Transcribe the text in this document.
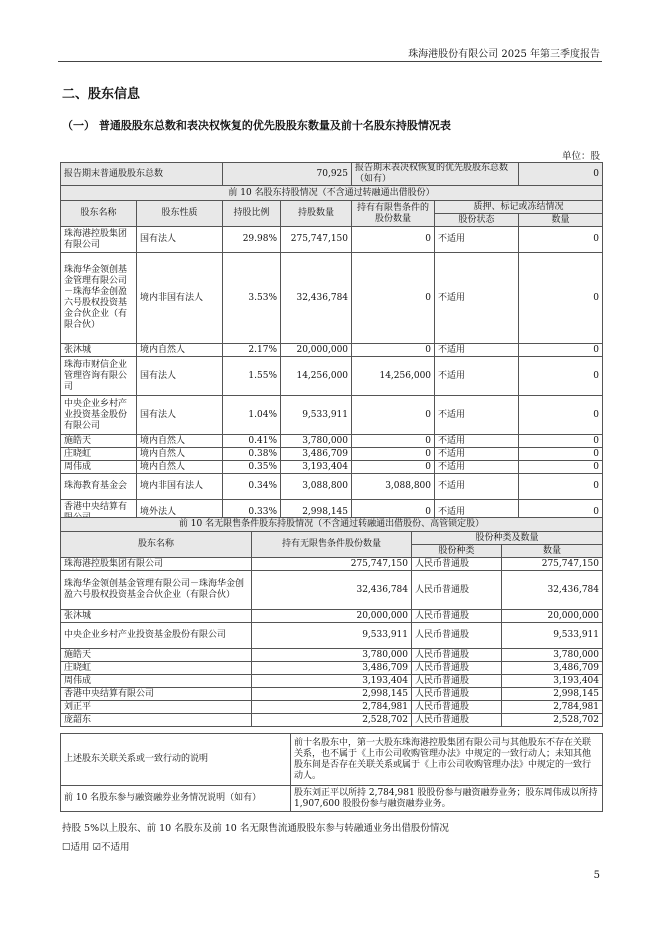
珠海港股份有限公司 2025 年第三季度报告
二、股东信息
（一） 普通股股东总数和表决权恢复的优先股股东数量及前十名股东持股情况表
单位：股
报告期末普通股股东总数		70,925		报告期末表决权恢复的优先股股东总数（如有）		0
前 10 名股东持股情况（不含通过转融通出借股份）						
股东名称	股东性质	持股比例	持股数量	持有有限售条件的股份数量	质押、标记或冻结情况	
					股份状态	数量
珠海港控股集团有限公司	国有法人	29.98%	275,747,150	0	不适用	0
珠海华金领创基金管理有限公司－珠海华金创盈六号股权投资基金合伙企业（有限合伙）	境内非国有法人	3.53%	32,436,784	0	不适用	0
张沐城	境内自然人	2.17%	20,000,000	0	不适用	0
珠海市财信企业管理咨询有限公司	国有法人	1.55%	14,256,000	14,256,000	不适用	0
中央企业乡村产业投资基金股份有限公司	国有法人	1.04%	9,533,911	0	不适用	0
施皓天	境内自然人	0.41%	3,780,000	0	不适用	0
庄晓虹	境内自然人	0.38%	3,486,709	0	不适用	0
周伟成	境内自然人	0.35%	3,193,404	0	不适用	0
珠海教育基金会	境内非国有法人	0.34%	3,088,800	3,088,800	不适用	0
香港中央结算有	境外法人	0.33%	2,998,145	0	不适用	0
前 10 名无限售条件股东持股情况（不含通过转融通出借股份、高管锁定股）			
股东名称	持有无限售条件股份数量	股份种类及数量	
		股份种类	数量
珠海港控股集团有限公司	275,747,150	人民币普通股	275,747,150
珠海华金领创基金管理有限公司－珠海华金创盈六号股权投资基金合伙企业（有限合伙）	32,436,784	人民币普通股	32,436,784
张沐城	20,000,000	人民币普通股	20,000,000
中央企业乡村产业投资基金股份有限公司	9,533,911	人民币普通股	9,533,911
施皓天	3,780,000	人民币普通股	3,780,000
庄晓虹	3,486,709	人民币普通股	3,486,709
周伟成	3,193,404	人民币普通股	3,193,404
香港中央结算有限公司	2,998,145	人民币普通股	2,998,145
刘正平	2,784,981	人民币普通股	2,784,981
庞韶东	2,528,702	人民币普通股	2,528,702
上述股东关联关系或一致行动的说明	前十名股东中，第一大股东珠海港控股集团有限公司与其他股东不存在关联关系，也不属于《上市公司收购管理办法》中规定的一致行动人；未知其他股东间是否存在关联关系或属于《上市公司收购管理办法》中规定的一致行动人。
前 10 名股东参与融资融券业务情况说明（如有）	股东刘正平以所持 2,784,981 股股份参与融资融券业务；股东周伟成以所持 1,907,600 股股份参与融资融券业务。
持股 5%以上股东、前 10 名股东及前 10 名无限售流通股股东参与转融通业务出借股份情况
☐适用 ☑不适用
5
